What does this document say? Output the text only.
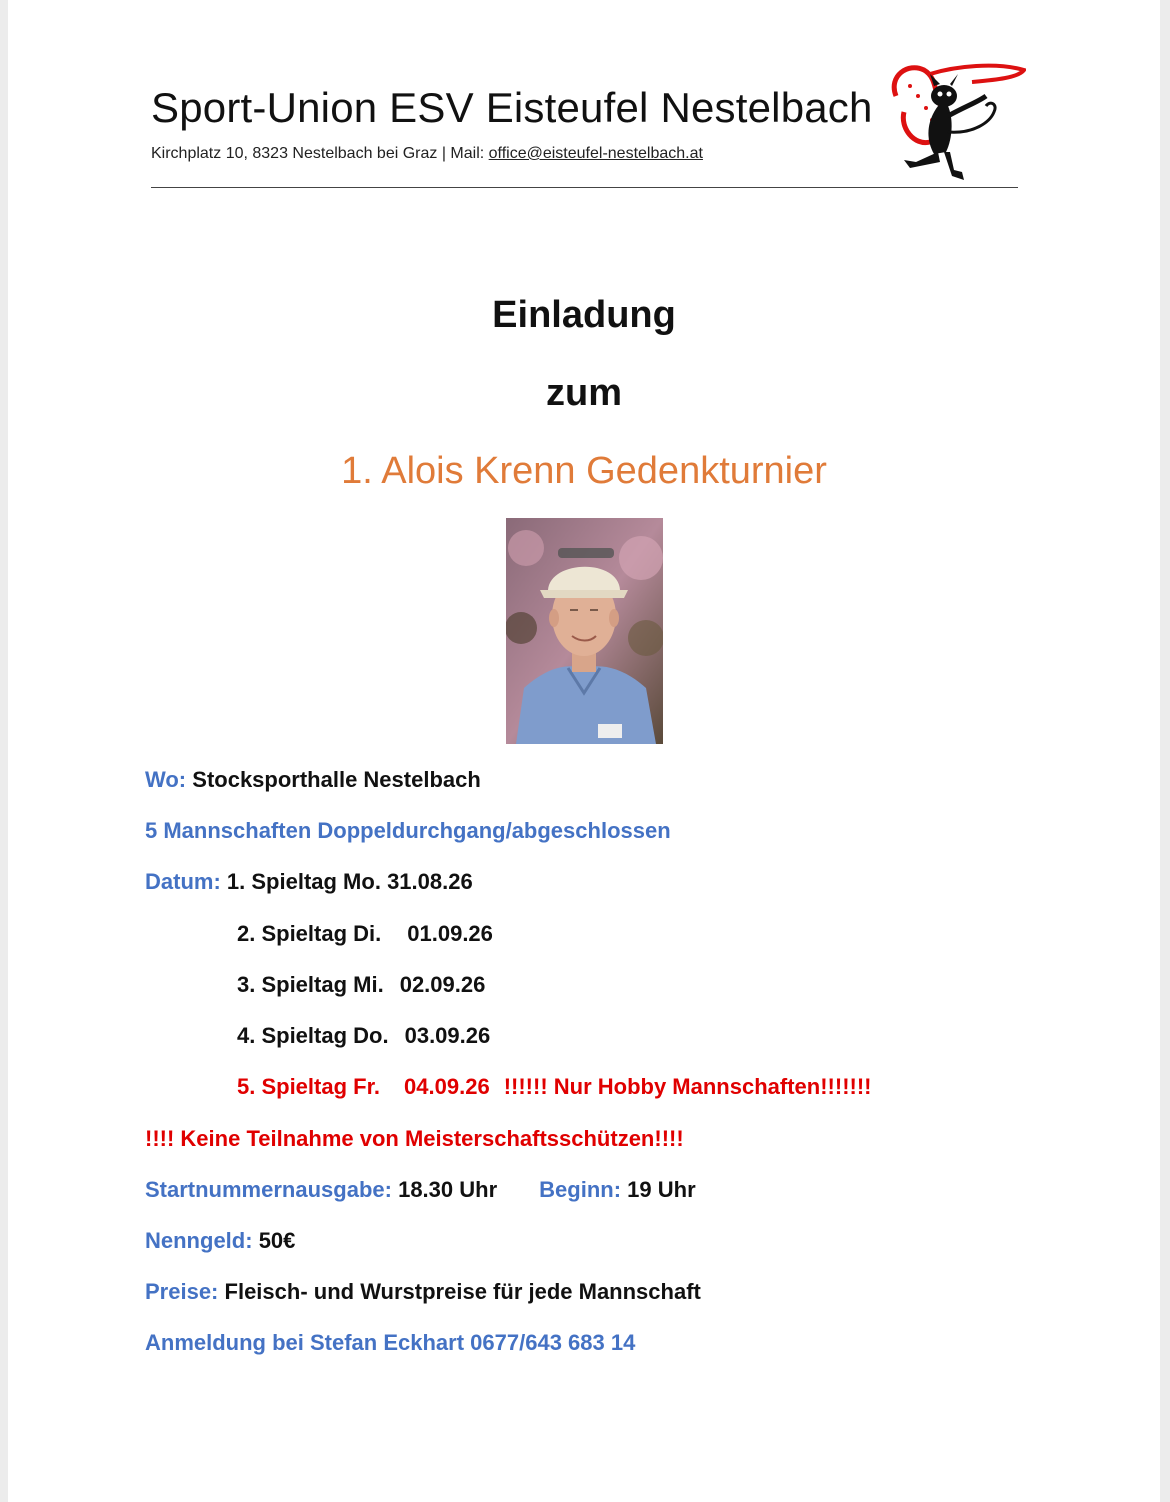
Sport-Union ESV Eisteufel Nestelbach
Kirchplatz 10, 8323 Nestelbach bei Graz | Mail: office@eisteufel-nestelbach.at
Einladung
zum
1. Alois Krenn Gedenkturnier
Wo: Stocksporthalle Nestelbach
5 Mannschaften Doppeldurchgang/abgeschlossen
Datum: 1. Spieltag Mo. 31.08.26
2. Spieltag Di. 01.09.26
3. Spieltag Mi. 02.09.26
4. Spieltag Do. 03.09.26
5. Spieltag Fr. 04.09.26 !!!!!! Nur Hobby Mannschaften!!!!!!!
!!!! Keine Teilnahme von Meisterschaftsschützen!!!!
Startnummernausgabe: 18.30 Uhr Beginn: 19 Uhr
Nenngeld: 50€
Preise: Fleisch- und Wurstpreise für jede Mannschaft
Anmeldung bei Stefan Eckhart 0677/643 683 14
